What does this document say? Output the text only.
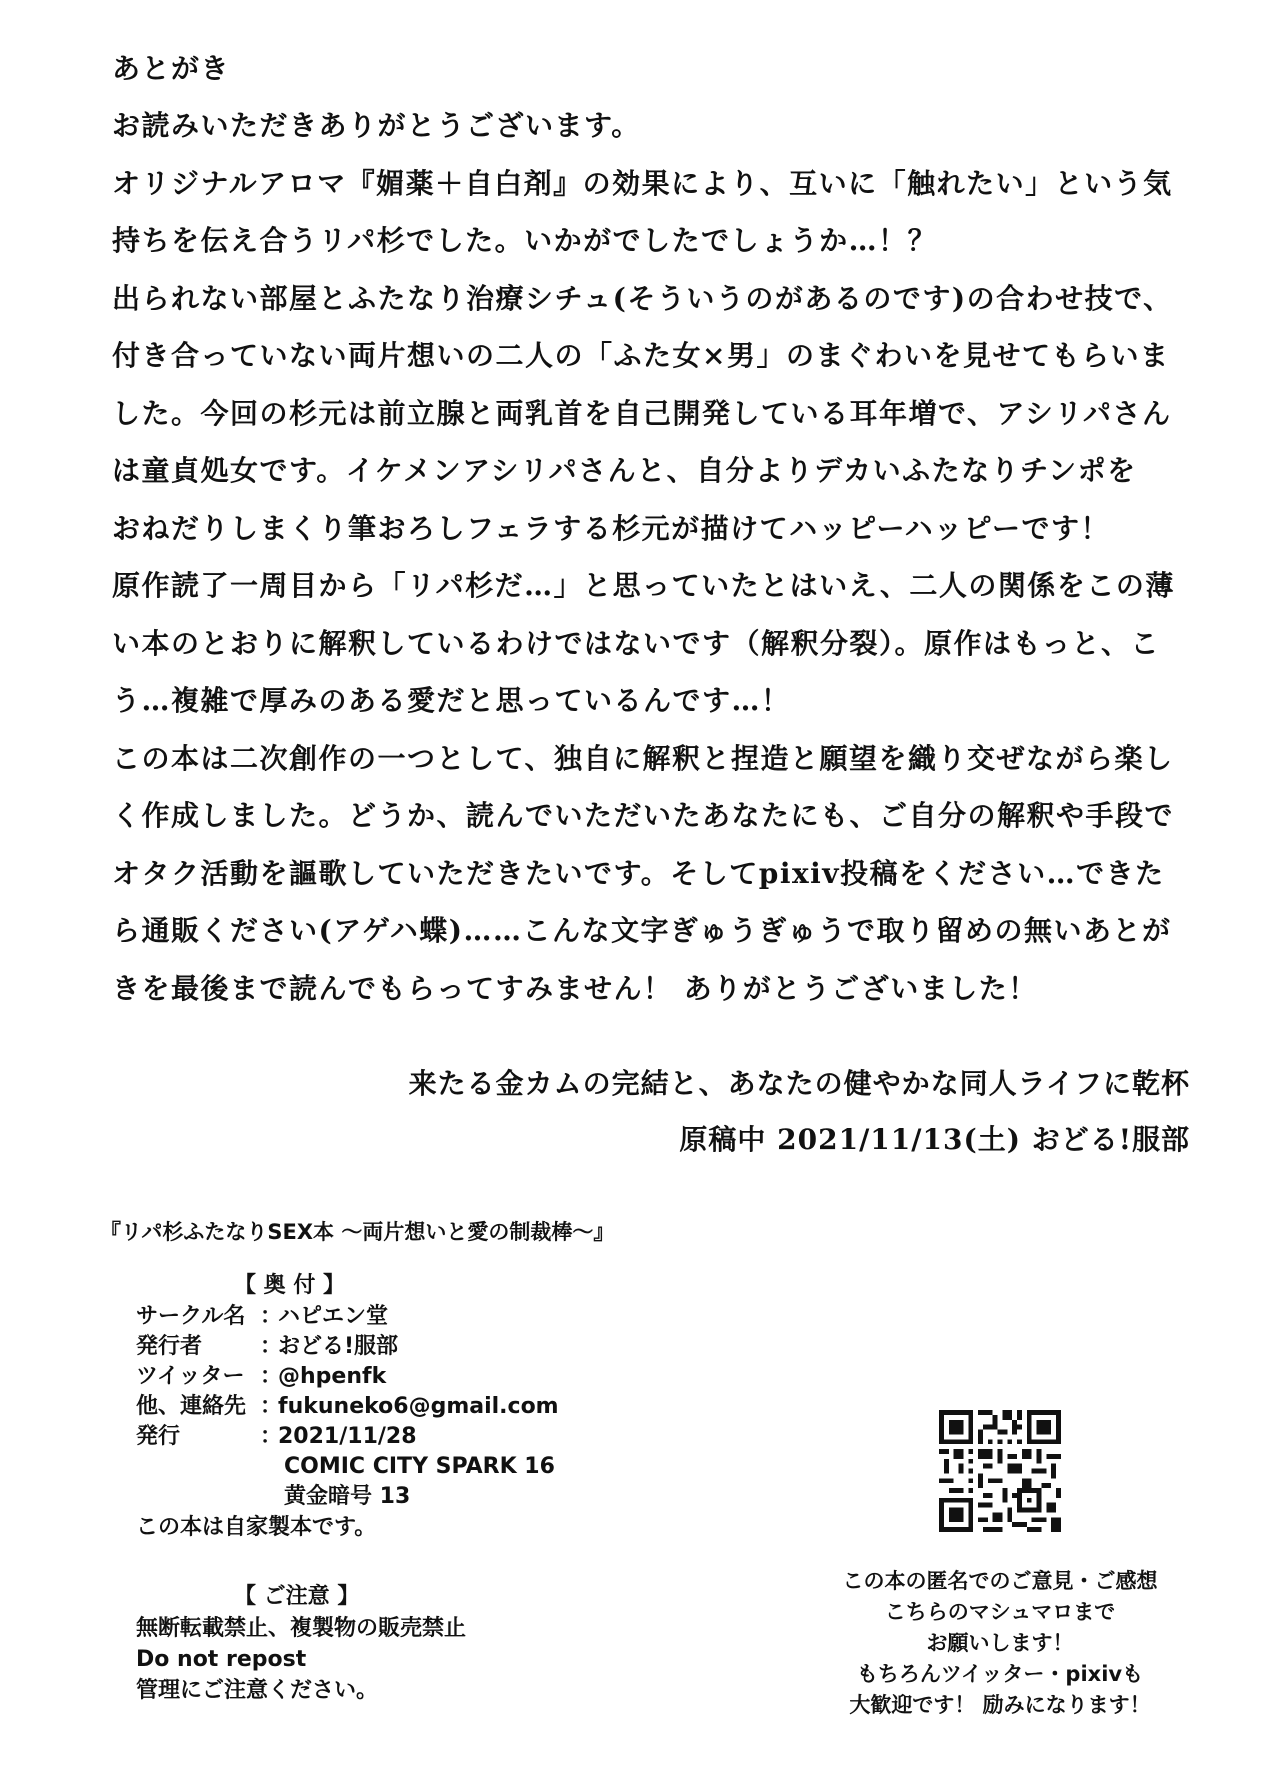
あとがき
お読みいただきありがとうございます。
オリジナルアロマ『媚薬＋自白剤』の効果により、互いに「触れたい」という気
持ちを伝え合うリパ杉でした。いかがでしたでしょうか…！？
出られない部屋とふたなり治療シチュ(そういうのがあるのです)の合わせ技で、
付き合っていない両片想いの二人の「ふた女×男」のまぐわいを見せてもらいま
した。今回の杉元は前立腺と両乳首を自己開発している耳年増で、アシリパさん
は童貞処女です。イケメンアシリパさんと、自分よりデカいふたなりチンポを
おねだりしまくり筆おろしフェラする杉元が描けてハッピーハッピーです！
原作読了一周目から「リパ杉だ…」と思っていたとはいえ、二人の関係をこの薄
い本のとおりに解釈しているわけではないです（解釈分裂）。原作はもっと、こ
う…複雑で厚みのある愛だと思っているんです…！
この本は二次創作の一つとして、独自に解釈と捏造と願望を織り交ぜながら楽し
く作成しました。どうか、読んでいただいたあなたにも、ご自分の解釈や手段で
オタク活動を謳歌していただきたいです。そしてpixiv投稿をください…できた
ら通販ください(アゲハ蝶)……こんな文字ぎゅうぎゅうで取り留めの無いあとが
きを最後まで読んでもらってすみません！ ありがとうございました！
来たる金カムの完結と、あなたの健やかな同人ライフに乾杯
原稿中 2021/11/13(土) おどる!服部
『リパ杉ふたなりSEX本 〜両片想いと愛の制裁棒〜』
【 奥 付 】
サークル名 ：
ハピエン堂
発行者	：
おどる!服部
ツイッター ：
@hpenfk
他、連絡先 ：
fukuneko6@gmail.com
発行	：
2021/11/28
COMIC CITY SPARK 16
黄金暗号 13
この本は自家製本です。
【 ご注意 】
無断転載禁止、複製物の販売禁止
Do not repost
管理にご注意ください。
この本の匿名でのご意見・ご感想
こちらのマシュマロまで
お願いします！
もちろんツイッター・pixivも
大歓迎です！ 励みになります！
